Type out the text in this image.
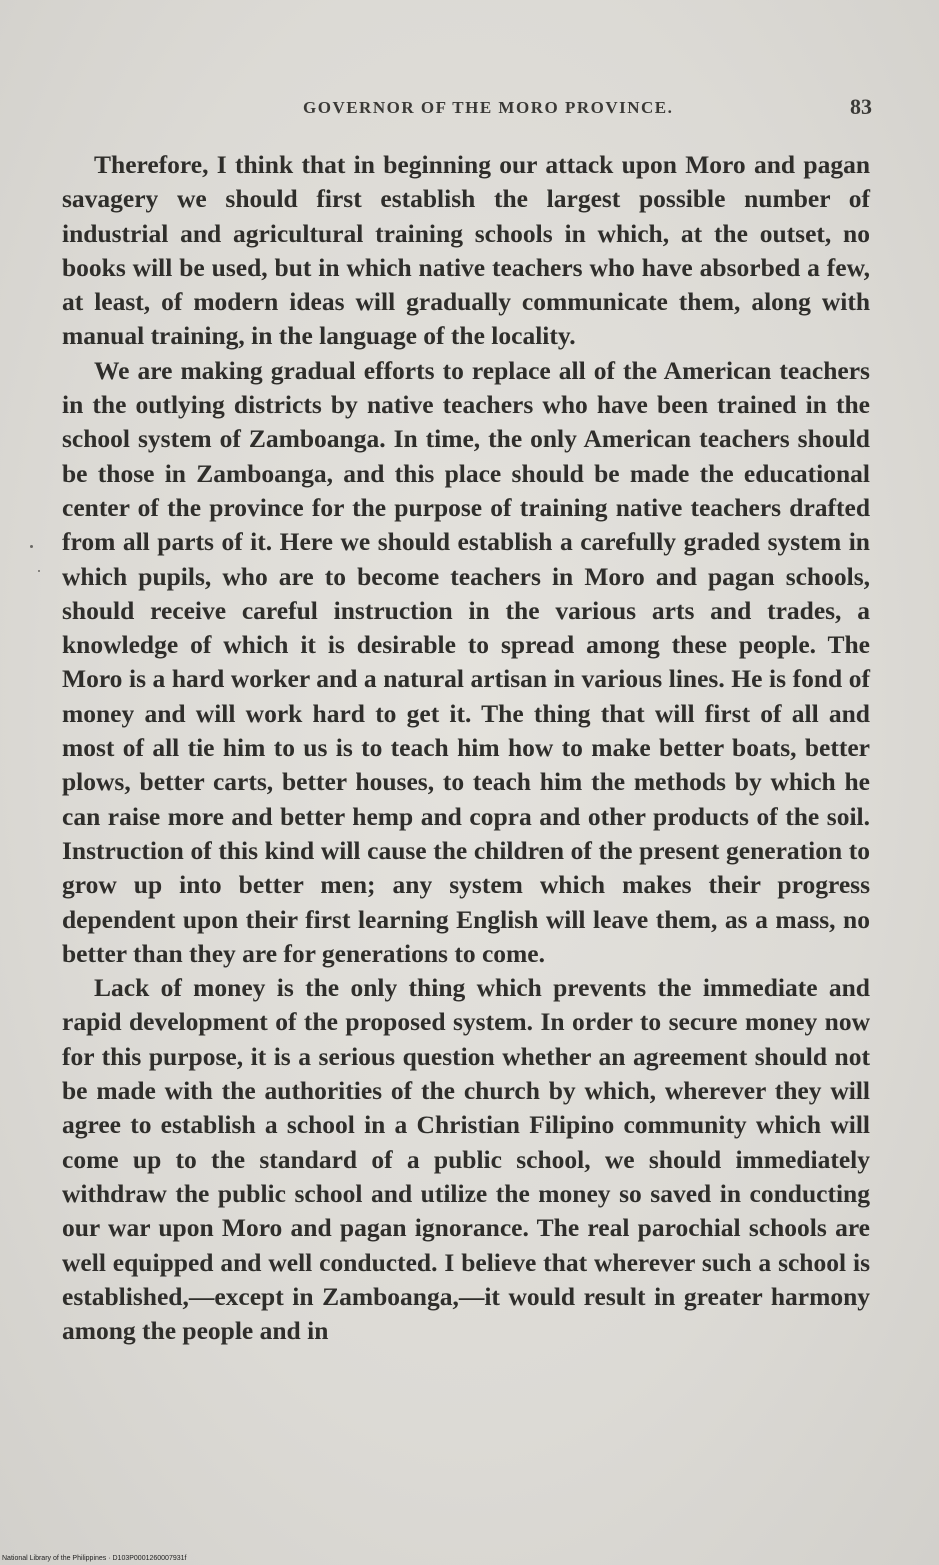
GOVERNOR OF THE MORO PROVINCE.	83

Therefore, I think that in beginning our attack upon Moro and pagan savagery we should first establish the largest possible number of industrial and agricultural training schools in which, at the outset, no books will be used, but in which native teachers who have absorbed a few, at least, of modern ideas will gradually communicate them, along with manual training, in the language of the locality.

We are making gradual efforts to replace all of the American teachers in the outlying districts by native teachers who have been trained in the school system of Zamboanga. In time, the only American teachers should be those in Zamboanga, and this place should be made the educational center of the province for the purpose of training native teachers drafted from all parts of it. Here we should establish a carefully graded system in which pupils, who are to become teachers in Moro and pagan schools, should receive careful instruction in the various arts and trades, a knowledge of which it is desirable to spread among these people. The Moro is a hard worker and a natural artisan in various lines. He is fond of money and will work hard to get it. The thing that will first of all and most of all tie him to us is to teach him how to make better boats, better plows, better carts, better houses, to teach him the methods by which he can raise more and better hemp and copra and other products of the soil. Instruction of this kind will cause the children of the present generation to grow up into better men; any system which makes their progress dependent upon their first learning English will leave them, as a mass, no better than they are for generations to come.

Lack of money is the only thing which prevents the immediate and rapid development of the proposed system. In order to secure money now for this purpose, it is a serious question whether an agreement should not be made with the authorities of the church by which, wherever they will agree to establish a school in a Christian Filipino community which will come up to the standard of a public school, we should immediately withdraw the public school and utilize the money so saved in conducting our war upon Moro and pagan ignorance. The real parochial schools are well equipped and well conducted. I believe that wherever such a school is established,—except in Zamboanga,—it would result in greater harmony among the people and in

National Library of the Philippines · D103P0001260007931f
